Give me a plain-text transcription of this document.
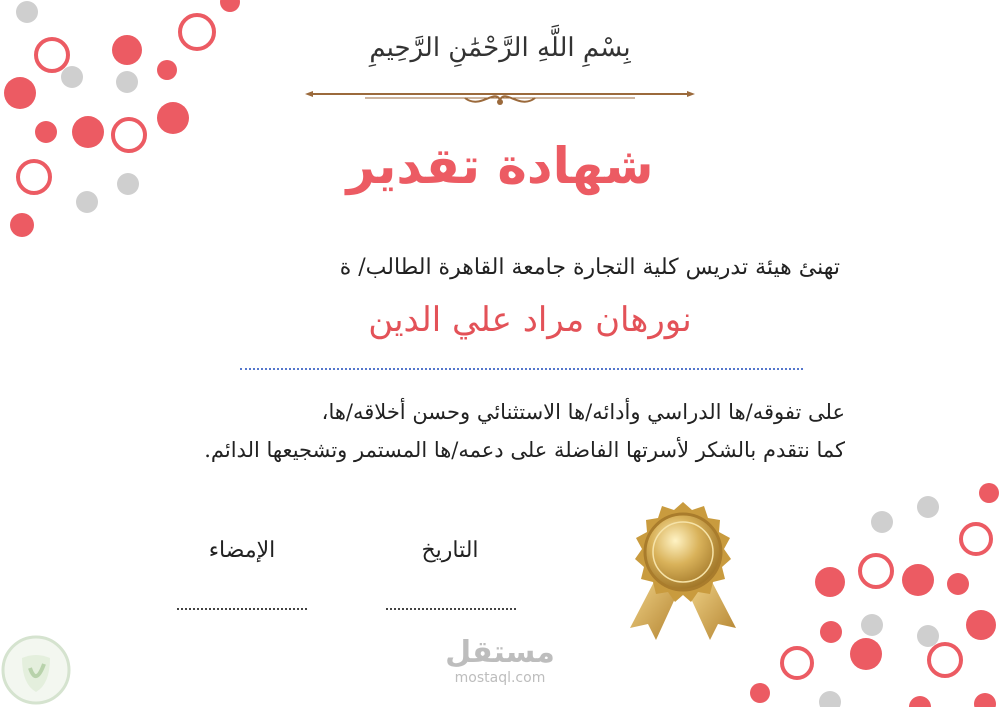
بِسْمِ اللَّهِ الرَّحْمَٰنِ الرَّحِيمِ
شهادة تقدير
تهنئ هيئة تدريس كلية التجارة جامعة القاهرة الطالب/ ة
نورهان مراد علي الدين
على تفوقه/ها الدراسي وأدائه/ها الاستثنائي وحسن أخلاقه/ها،
كما نتقدم بالشكر لأسرتها الفاضلة على دعمه/ها المستمر وتشجيعها الدائم.
الإمضاء	التاريخ
مستقل
mostaql.com
